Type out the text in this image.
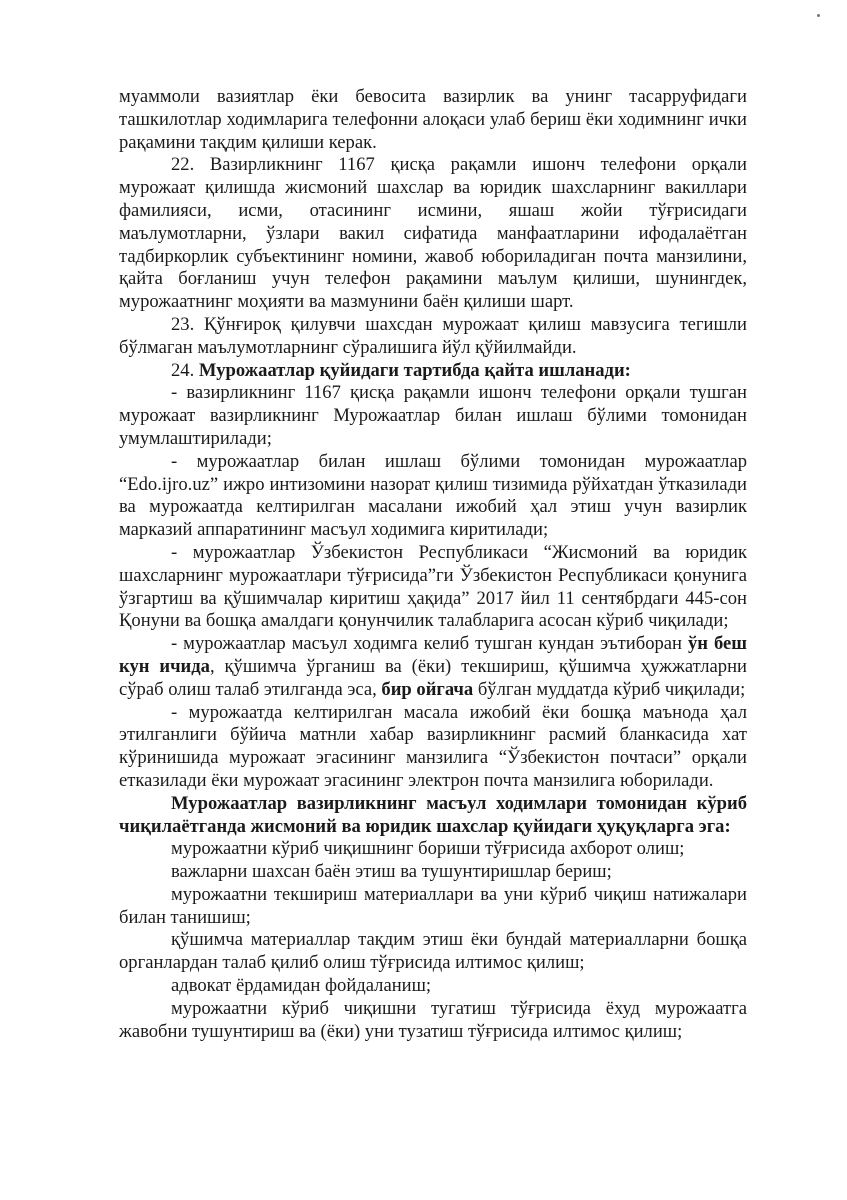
муаммоли вазиятлар ёки бевосита вазирлик ва унинг тасарруфидаги ташкилотлар ходимларига телефонни алоқаси улаб бериш ёки ходимнинг ички рақамини тақдим қилиши керак.

22. Вазирликнинг 1167 қисқа рақамли ишонч телефони орқали мурожаат қилишда жисмоний шахслар ва юридик шахсларнинг вакиллари фамилияси, исми, отасининг исмини, яшаш жойи тўғрисидаги маълумотларни, ўзлари вакил сифатида манфаатларини ифодалаётган тадбиркорлик субъектининг номини, жавоб юбориладиган почта манзилини, қайта боғланиш учун телефон рақамини маълум қилиши, шунингдек, мурожаатнинг моҳияти ва мазмунини баён қилиши шарт.

23. Қўнғироқ қилувчи шахсдан мурожаат қилиш мавзусига тегишли бўлмаган маълумотларнинг сўралишига йўл қўйилмайди.

24. Мурожаатлар қуйидаги тартибда қайта ишланади:

- вазирликнинг 1167 қисқа рақамли ишонч телефони орқали тушган мурожаат вазирликнинг Мурожаатлар билан ишлаш бўлими томонидан умумлаштирилади;

- мурожаатлар билан ишлаш бўлими томонидан мурожаатлар “Edo.ijro.uz” ижро интизомини назорат қилиш тизимида рўйхатдан ўтказилади ва мурожаатда келтирилган масалани ижобий ҳал этиш учун вазирлик марказий аппаратининг масъул ходимига киритилади;

- мурожаатлар Ўзбекистон Республикаси “Жисмоний ва юридик шахсларнинг мурожаатлари тўғрисида”ги Ўзбекистон Республикаси қонунига ўзгартиш ва қўшимчалар киритиш ҳақида” 2017 йил 11 сентябрдаги 445-сон Қонуни ва бошқа амалдаги қонунчилик талабларига асосан кўриб чиқилади;

- мурожаатлар масъул ходимга келиб тушган кундан эътиборан ўн беш кун ичида, қўшимча ўрганиш ва (ёки) текшириш, қўшимча ҳужжатларни сўраб олиш талаб этилганда эса, бир ойгача бўлган муддатда кўриб чиқилади;

- мурожаатда келтирилган масала ижобий ёки бошқа маънода ҳал этилганлиги бўйича матнли хабар вазирликнинг расмий бланкасида хат кўринишида мурожаат эгасининг манзилига “Ўзбекистон почтаси” орқали етказилади ёки мурожаат эгасининг электрон почта манзилига юборилади.

Мурожаатлар вазирликнинг масъул ходимлари томонидан кўриб чиқилаётганда жисмоний ва юридик шахслар қуйидаги ҳуқуқларга эга:

мурожаатни кўриб чиқишнинг бориши тўғрисида ахборот олиш;

важларни шахсан баён этиш ва тушунтиришлар бериш;

мурожаатни текшириш материаллари ва уни кўриб чиқиш натижалари билан танишиш;

қўшимча материаллар тақдим этиш ёки бундай материалларни бошқа органлардан талаб қилиб олиш тўғрисида илтимос қилиш;

адвокат ёрдамидан фойдаланиш;

мурожаатни кўриб чиқишни тугатиш тўғрисида ёхуд мурожаатга жавобни тушунтириш ва (ёки) уни тузатиш тўғрисида илтимос қилиш;
